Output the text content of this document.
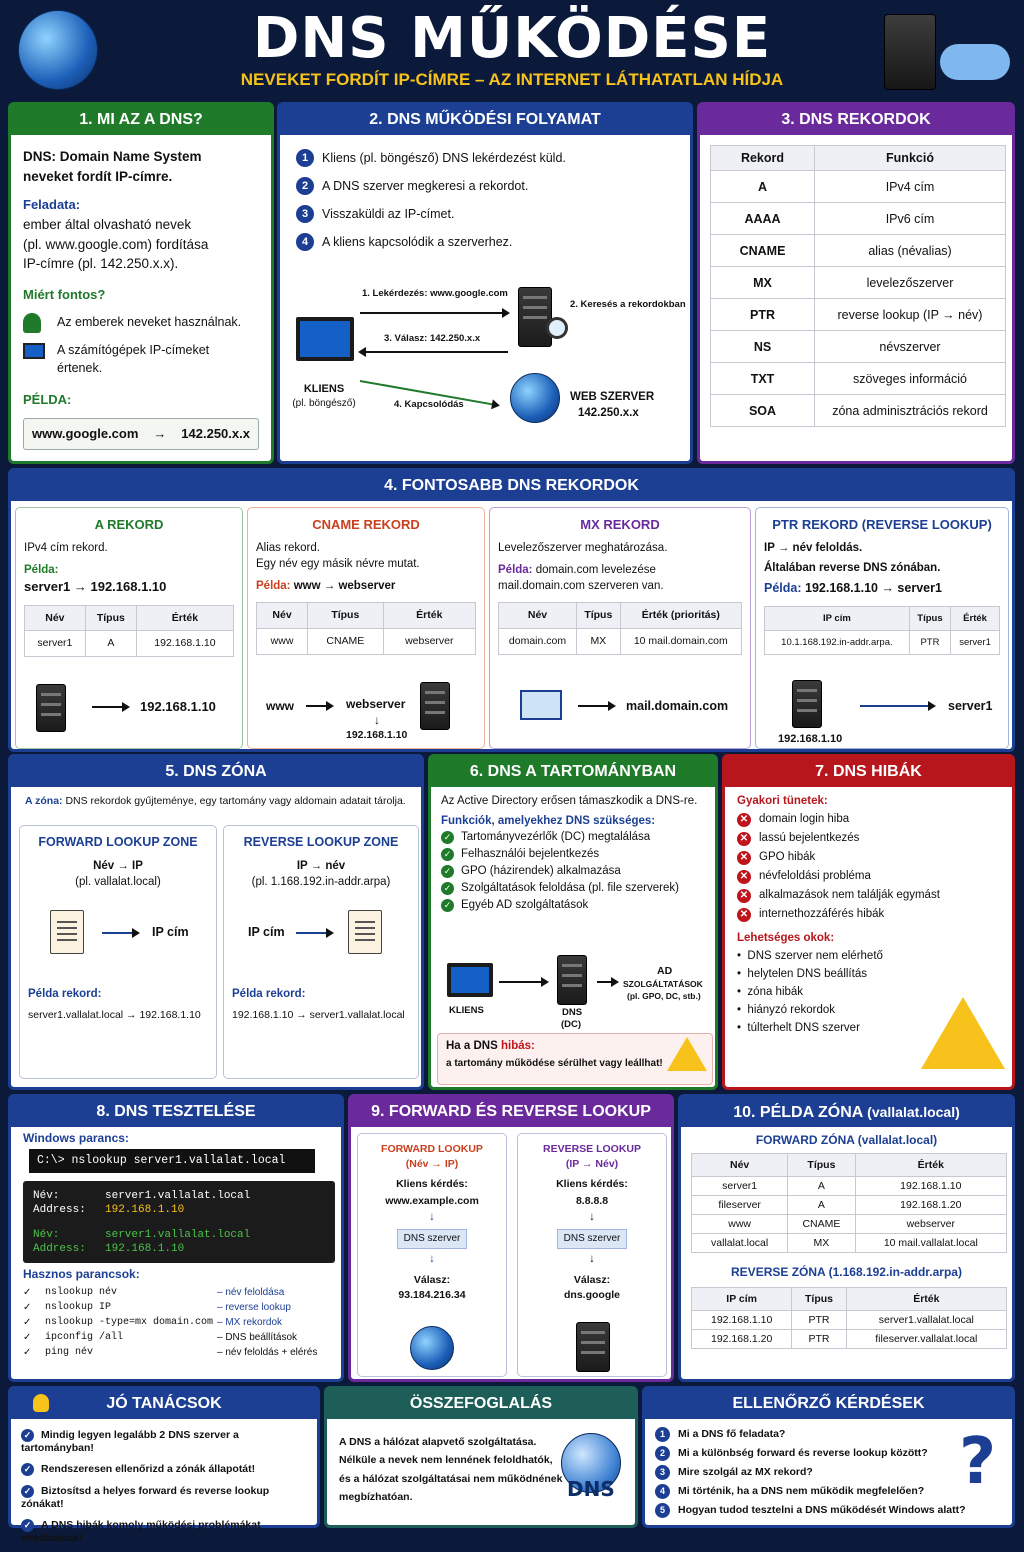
DNS MŰKÖDÉSE
NEVEKET FORDÍT IP-CÍMRE – AZ INTERNET LÁTHATATLAN HÍDJA
1. MI AZ A DNS?
DNS: Domain Name System
neveket fordít IP-címre.
Feladata:
ember által olvasható nevek
(pl. www.google.com) fordítása
IP-címre (pl. 142.250.x.x).
Miért fontos?
Az emberek neveket használnak.
A számítógépek IP-címeket
értenek.
PÉLDA:
www.google.com → 142.250.x.x
2. DNS MŰKÖDÉSI FOLYAMAT
1	Kliens (pl. böngésző) DNS lekérdezést küld.
2	A DNS szerver megkeresi a rekordot.
3	Visszaküldi az IP-címet.
4	A kliens kapcsolódik a szerverhez.
KLIENS
(pl. böngésző)
1. Lekérdezés: www.google.com
3. Válasz: 142.250.x.x
2. Keresés a rekordokban
4. Kapcsolódás
WEB SZERVER
142.250.x.x
3. DNS REKORDOK
Rekord	Funkció
A	IPv4 cím
AAAA	IPv6 cím
CNAME	alias (névalias)
MX	levelezőszerver
PTR	reverse lookup (IP → név)
NS	névszerver
TXT	szöveges információ
SOA	zóna adminisztrációs rekord
4. FONTOSABB DNS REKORDOK
A REKORD
IPv4 cím rekord.
Példa:
server1 → 192.168.1.10
Név	Típus	Érték
server1	A	192.168.1.10
192.168.1.10
CNAME REKORD
Alias rekord.
Egy név egy másik névre mutat.
Példa: www → webserver
Név	Típus	Érték
www	CNAME	webserver
www	webserver
↓
192.168.1.10
MX REKORD
Levelezőszerver meghatározása.
Példa: domain.com levelezése
mail.domain.com szerveren van.
Név	Típus	Érték (prioritás)
domain.com	MX	10 mail.domain.com
mail.domain.com
PTR REKORD (REVERSE LOOKUP)
IP → név feloldás.
Általában reverse DNS zónában.
Példa: 192.168.1.10 → server1
IP cím	Típus	Érték
10.1.168.192.in-addr.arpa.	PTR	server1
192.168.1.10
server1
5. DNS ZÓNA
A zóna: DNS rekordok gyűjteménye, egy tartomány vagy aldomain adatait tárolja.
FORWARD LOOKUP ZONE
Név → IP
(pl. vallalat.local)
IP cím
Példa rekord:
server1.vallalat.local → 192.168.1.10
REVERSE LOOKUP ZONE
IP → név
(pl. 1.168.192.in-addr.arpa)
IP cím
Példa rekord:
192.168.1.10 → server1.vallalat.local
6. DNS A TARTOMÁNYBAN
Az Active Directory erősen támaszkodik a DNS-re.
Funkciók, amelyekhez DNS szükséges:
✓ Tartományvezérlők (DC) megtalálása
✓ Felhasználói bejelentkezés
✓ GPO (házirendek) alkalmazása
✓ Szolgáltatások feloldása (pl. file szerverek)
✓ Egyéb AD szolgáltatások
KLIENS	DNS
(DC)
AD
SZOLGÁLTATÁSOK
(pl. GPO, DC, stb.)
Ha a DNS hibás:
a tartomány működése sérülhet vagy leállhat!
7. DNS HIBÁK
Gyakori tünetek:
✕ domain login hiba
✕ lassú bejelentkezés
✕ GPO hibák
✕ névfeloldási probléma
✕ alkalmazások nem találják egymást
✕ internethozzáférés hibák
Lehetséges okok:
•  DNS szerver nem elérhető
•  helytelen DNS beállítás
•  zóna hibák
•  hiányzó rekordok
•  túlterhelt DNS szerver
8. DNS TESZTELÉSE
Windows parancs:
C:\> nslookup server1.vallalat.local
Név:	server1.vallalat.local
Address: 192.168.1.10
Név:	server1.vallalat.local
Address: 192.168.1.10
Hasznos parancsok:
✓	nslookup név	– név feloldása
✓	nslookup IP	– reverse lookup
✓	nslookup -type=mx domain.com – MX rekordok
✓	ipconfig /all	– DNS beállítások
✓	ping név	– név feloldás + elérés
9. FORWARD ÉS REVERSE LOOKUP
FORWARD LOOKUP
(Név → IP)
Kliens kérdés:
www.example.com
↓
DNS szerver
↓
Válasz:
93.184.216.34
REVERSE LOOKUP
(IP → Név)
Kliens kérdés:
8.8.8.8
↓
DNS szerver
↓
Válasz:
dns.google
10. PÉLDA ZÓNA (vallalat.local)
FORWARD ZÓNA (vallalat.local)
Név	Típus	Érték
server1	A	192.168.1.10
fileserver	A	192.168.1.20
www	CNAME	webserver
vallalat.local	MX	10 mail.vallalat.local
REVERSE ZÓNA (1.168.192.in-addr.arpa)
IP cím	Típus	Érték
192.168.1.10	PTR	server1.vallalat.local
192.168.1.20	PTR	fileserver.vallalat.local
JÓ TANÁCSOK
✓ Mindig legyen legalább 2 DNS szerver a tartományban!
✓ Rendszeresen ellenőrizd a zónák állapotát!
✓ Biztosítsd a helyes forward és reverse lookup zónákat!
✓ A DNS hibák komoly működési problémákat okozhatnak!
ÖSSZEFOGLALÁS
A DNS a hálózat alapvető szolgáltatása.
Nélküle a nevek nem lennének feloldhatók,
és a hálózat szolgáltatásai nem működnének
megbízhatóan.	DNS
ELLENŐRZŐ KÉRDÉSEK
1 Mi a DNS fő feladata?
2 Mi a különbség forward és reverse lookup között?
3 Mire szolgál az MX rekord?
4 Mi történik, ha a DNS nem működik megfelelően?
5 Hogyan tudod tesztelni a DNS működését Windows alatt?
?
